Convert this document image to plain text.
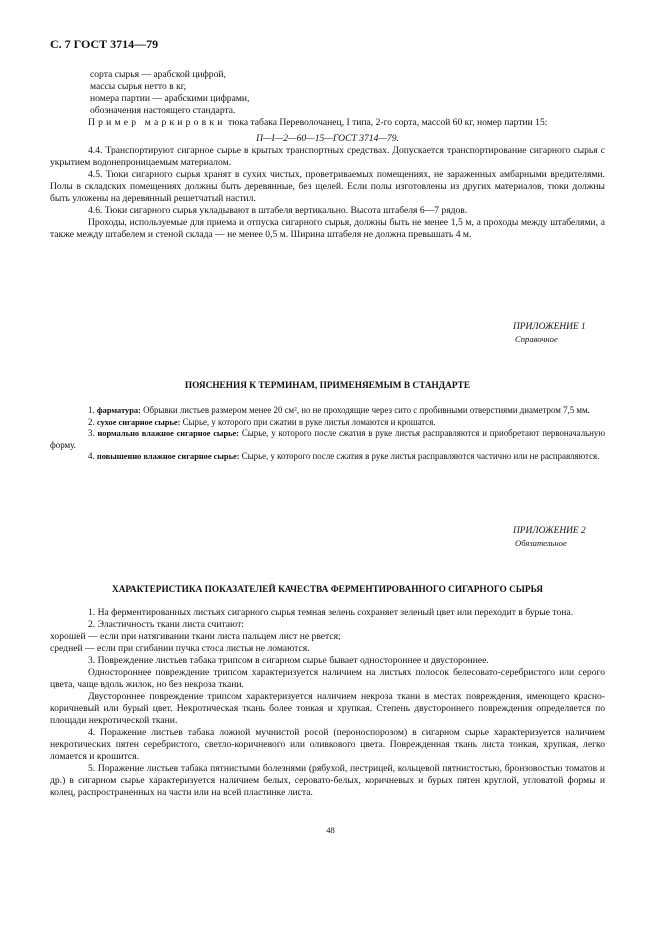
С. 7 ГОСТ 3714—79

сорта сырья — арабской цифрой,

массы сырья нетто в кг,

номера партии — арабскими цифрами,

обозначения настоящего стандарта.

Пример маркировки тюка табака Переволочанец, I типа, 2-го сорта, массой 60 кг, номер партии 15:

П—I—2—60—15—ГОСТ 3714—79.

4.4. Транспортируют сигарное сырье в крытых транспортных средствах. Допускается транспортирование сигарного сырья с укрытием водонепроницаемым материалом.

4.5. Тюки сигарного сырья хранят в сухих чистых, проветриваемых помещениях, не зараженных амбарными вредителями. Полы в складских помещениях должны быть деревянные, без щелей. Если полы изготовлены из других материалов, тюки должны быть уложены на деревянный решетчатый настил.

4.6. Тюки сигарного сырья укладывают в штабеля вертикально. Высота штабеля 6—7 рядов.

Проходы, используемые для приема и отпуска сигарного сырья, должны быть не менее 1,5 м, а проходы между штабелями, а также между штабелем и стеной склада — не менее 0,5 м. Ширина штабеля не должна превышать 4 м.

ПРИЛОЖЕНИЕ 1
Справочное
ПОЯСНЕНИЯ К ТЕРМИНАМ, ПРИМЕНЯЕМЫМ В СТАНДАРТЕ

1. фарматура: Обрывки листьев размером менее 20 см², но не проходящие через сито с пробивными отверстиями диаметром 7,5 мм.

2. сухое сигарное сырье: Сырье, у которого при сжатии в руке листья ломаются и крошатся.

3. нормально влажное сигарное сырье: Сырье, у которого после сжатия в руке листья расправляются и приобретают первоначальную форму.

4. повышенно влажное сигарное сырье: Сырье, у которого после сжатия в руке листья расправляются частично или не расправляются.

ПРИЛОЖЕНИЕ 2
Обязательное
ХАРАКТЕРИСТИКА ПОКАЗАТЕЛЕЙ КАЧЕСТВА ФЕРМЕНТИРОВАННОГО СИГАРНОГО СЫРЬЯ

1. На ферментированных листьях сигарного сырья темная зелень сохраняет зеленый цвет или переходит в бурые тона.

2. Эластичность ткани листа считают:

хорошей — если при натягивании ткани листа пальцем лист не рвется;

средней — если при сгибании пучка стоса листья не ломаются.

3. Повреждение листьев табака трипсом в сигарном сырье бывает одностороннее и двустороннее.

Одностороннее повреждение трипсом характеризуется наличием на листьях полосок белесовато-серебристого или серого цвета, чаще вдоль жилок, но без некроза ткани.

Двустороннее повреждение трипсом характеризуется наличием некроза ткани в местах повреждения, имеющего красно-коричневый или бурый цвет. Некротическая ткань более тонкая и хрупкая. Степень двустороннего повреждения определяется по площади некротической ткани.

4. Поражение листьев табака ложной мучнистой росой (пероноспорозом) в сигарном сырье характеризуется наличием некротических пятен серебристого, светло-коричневого или оливкового цвета. Поврежденная ткань листа тонкая, хрупкая, легко ломается и крошится.

5. Поражение листьев табака пятнистыми болезнями (рябухой, пестрицей, кольцевой пятнистостью, бронзовостью томатов и др.) в сигарном сырье характеризуется наличием белых, серовато-белых, коричневых и бурых пятен круглой, угловатой формы и колец, распространенных на части или на всей пластинке листа.

48
